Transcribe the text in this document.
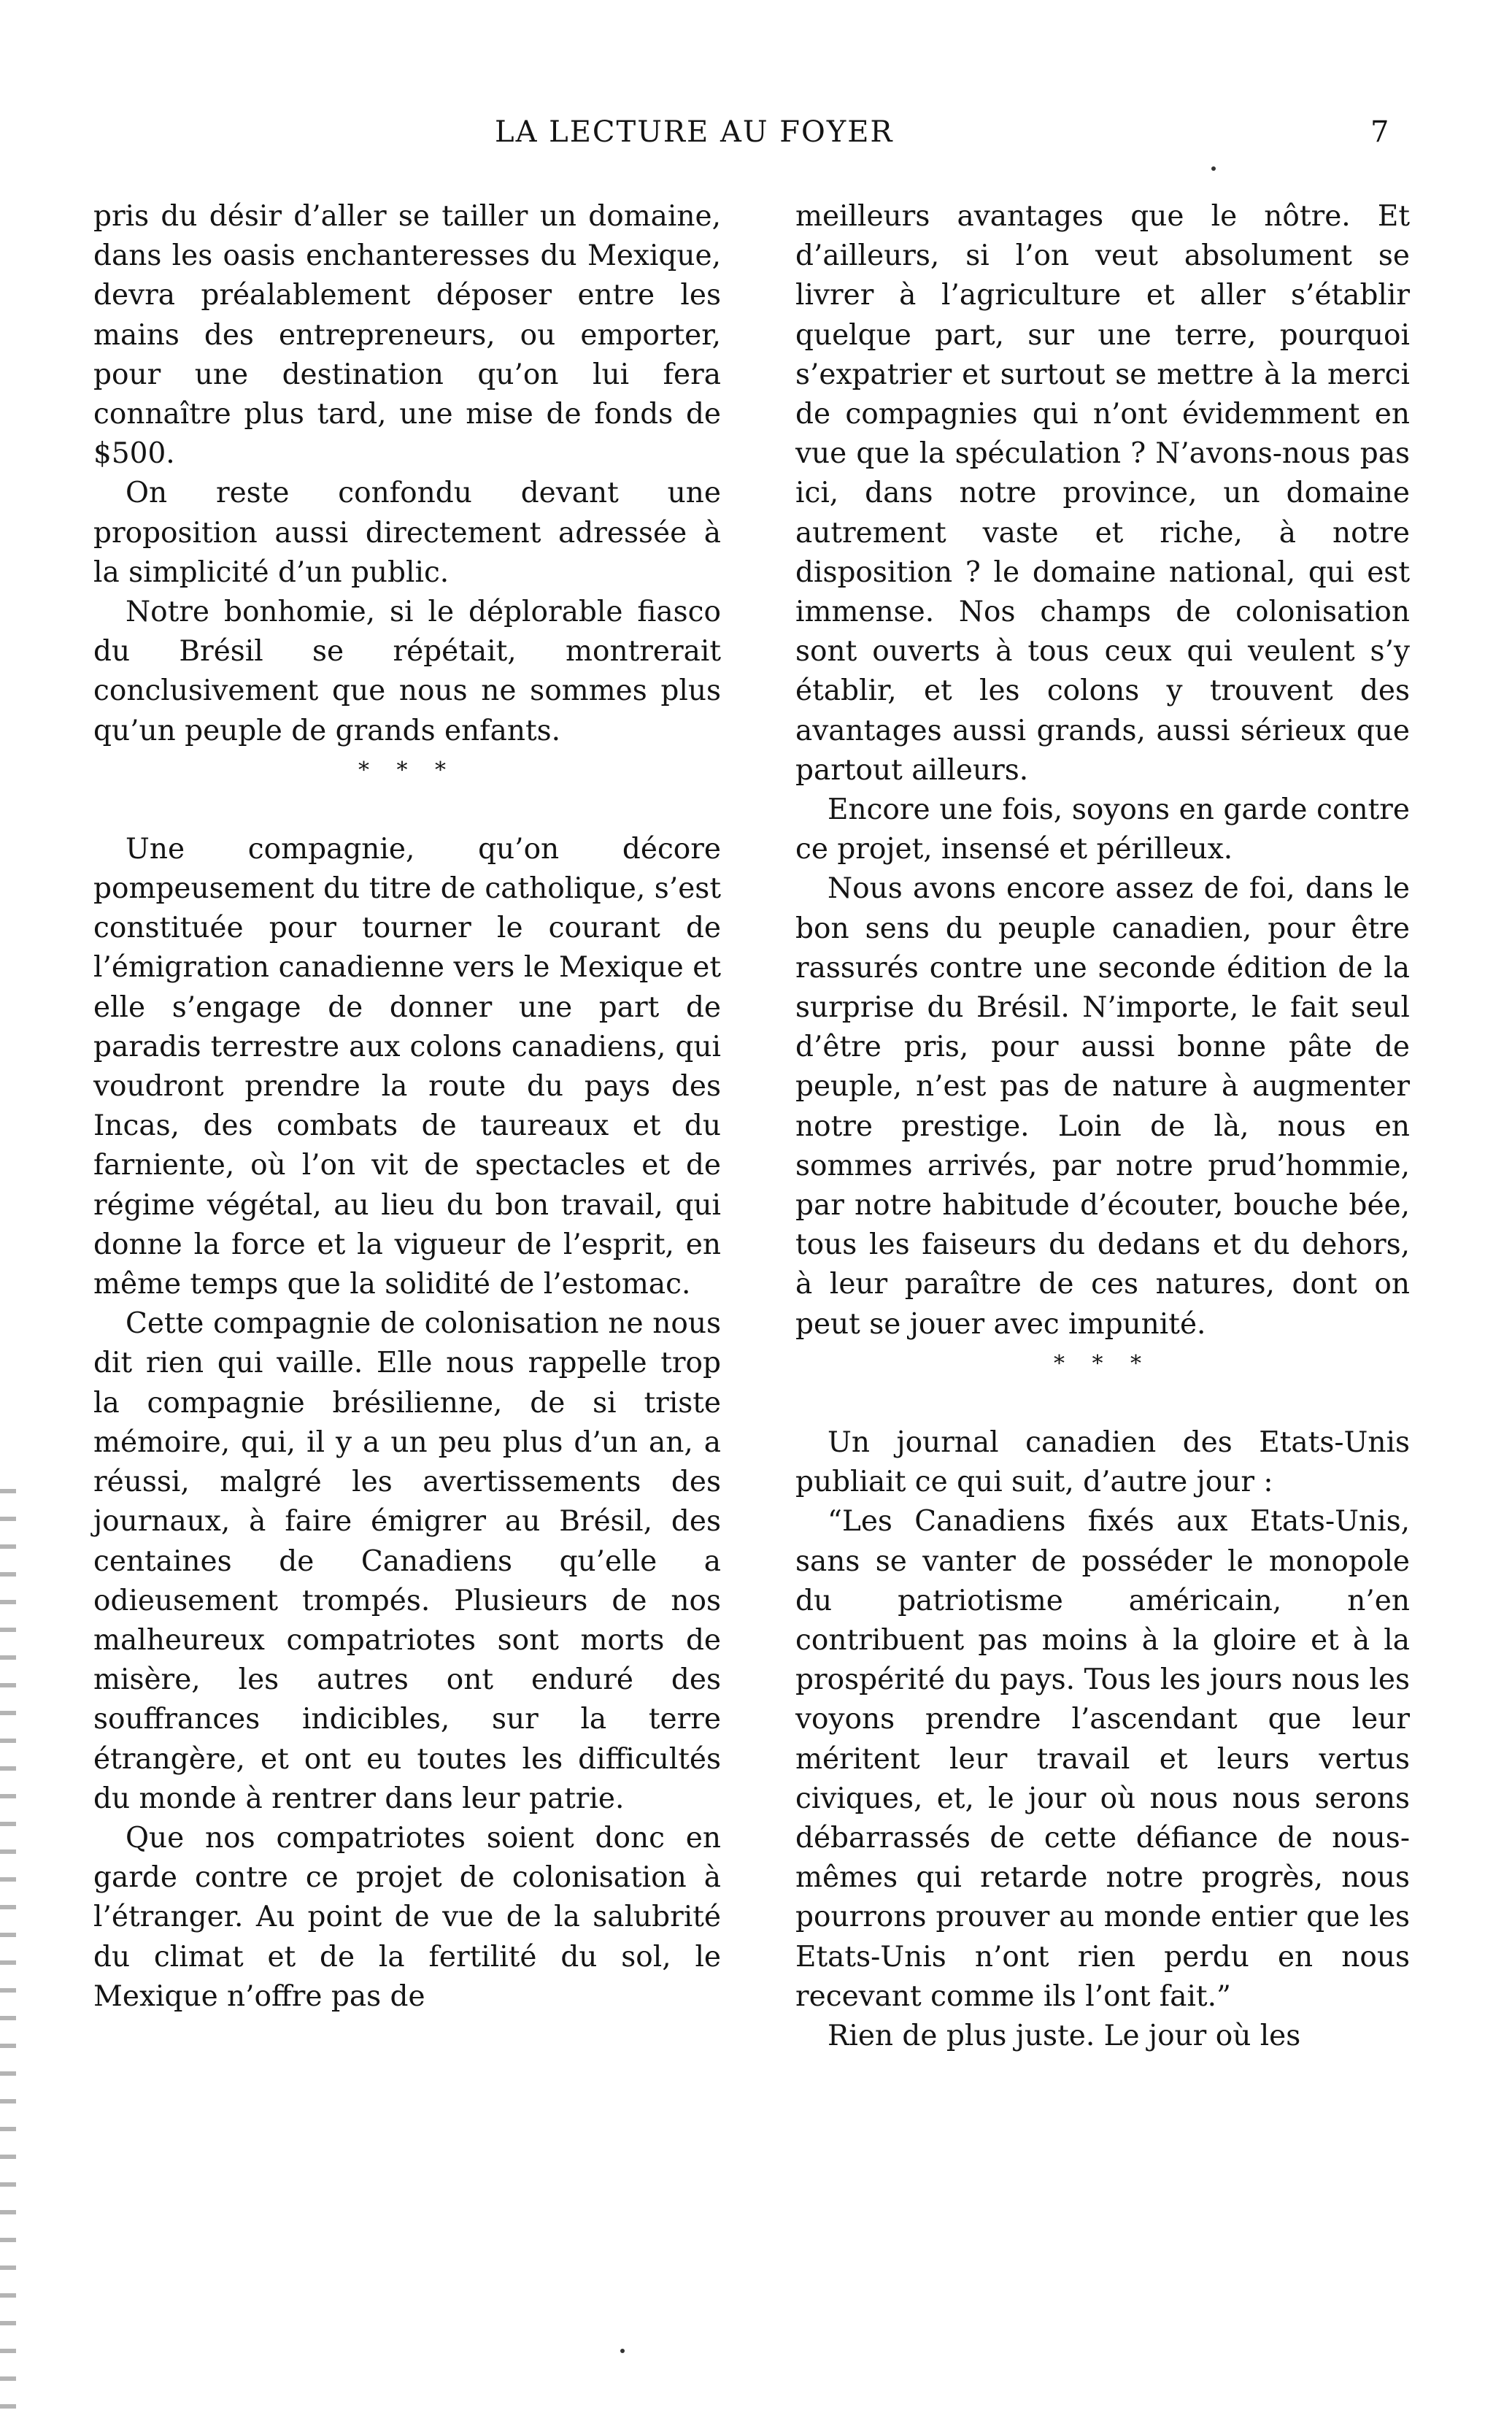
LA LECTURE AU FOYER	7

pris du désir d’aller se tailler un domaine, dans les oasis enchanteresses du Mexique, devra préalablement déposer entre les mains des entrepreneurs, ou emporter, pour une destination qu’on lui fera connaître plus tard, une mise de fonds de $500.

On reste confondu devant une proposition aussi directement adressée à la simplicité d’un public.

Notre bonhomie, si le déplorable fiasco du Brésil se répétait, montrerait conclusivement que nous ne sommes plus qu’un peuple de grands enfants.

* * *

Une compagnie, qu’on décore pompeusement du titre de catholique, s’est constituée pour tourner le courant de l’émigration canadienne vers le Mexique et elle s’engage de donner une part de paradis terrestre aux colons canadiens, qui voudront prendre la route du pays des Incas, des combats de taureaux et du farniente, où l’on vit de spectacles et de régime végétal, au lieu du bon travail, qui donne la force et la vigueur de l’esprit, en même temps que la solidité de l’estomac.

Cette compagnie de colonisation ne nous dit rien qui vaille. Elle nous rappelle trop la compagnie brésilienne, de si triste mémoire, qui, il y a un peu plus d’un an, a réussi, malgré les avertissements des journaux, à faire émigrer au Brésil, des centaines de Canadiens qu’elle a odieusement trompés. Plusieurs de nos malheureux compatriotes sont morts de misère, les autres ont enduré des souffrances indicibles, sur la terre étrangère, et ont eu toutes les difficultés du monde à rentrer dans leur patrie.

Que nos compatriotes soient donc en garde contre ce projet de colonisation à l’étranger. Au point de vue de la salubrité du climat et de la fertilité du sol, le Mexique n’offre pas de

meilleurs avantages que le nôtre. Et d’ailleurs, si l’on veut absolument se livrer à l’agriculture et aller s’établir quelque part, sur une terre, pourquoi s’expatrier et surtout se mettre à la merci de compagnies qui n’ont évidemment en vue que la spéculation ? N’avons-nous pas ici, dans notre province, un domaine autrement vaste et riche, à notre disposition ? le domaine national, qui est immense. Nos champs de colonisation sont ouverts à tous ceux qui veulent s’y établir, et les colons y trouvent des avantages aussi grands, aussi sérieux que partout ailleurs.

Encore une fois, soyons en garde contre ce projet, insensé et périlleux.

Nous avons encore assez de foi, dans le bon sens du peuple canadien, pour être rassurés contre une seconde édition de la surprise du Brésil. N’importe, le fait seul d’être pris, pour aussi bonne pâte de peuple, n’est pas de nature à augmenter notre prestige. Loin de là, nous en sommes arrivés, par notre prud’hommie, par notre habitude d’écouter, bouche bée, tous les faiseurs du dedans et du dehors, à leur paraître de ces natures, dont on peut se jouer avec impunité.

* * *

Un journal canadien des Etats-Unis publiait ce qui suit, d’autre jour :

“Les Canadiens fixés aux Etats-Unis, sans se vanter de posséder le monopole du patriotisme américain, n’en contribuent pas moins à la gloire et à la prospérité du pays. Tous les jours nous les voyons prendre l’ascendant que leur méritent leur travail et leurs vertus civiques, et, le jour où nous nous serons débarrassés de cette défiance de nous-mêmes qui retarde notre progrès, nous pourrons prouver au monde entier que les Etats-Unis n’ont rien perdu en nous recevant comme ils l’ont fait.”

Rien de plus juste. Le jour où les
